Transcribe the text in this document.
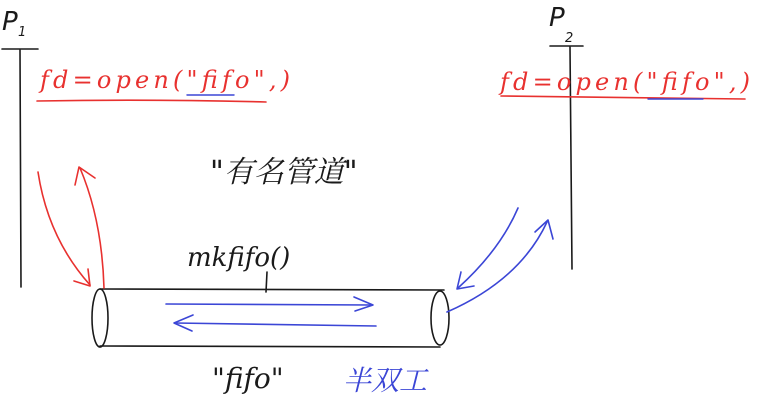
P 1
fd=open("fifo",)
P
2
fd=open("fifo",)
"有名管道"
mkfifo()
"fifo" 半双工
